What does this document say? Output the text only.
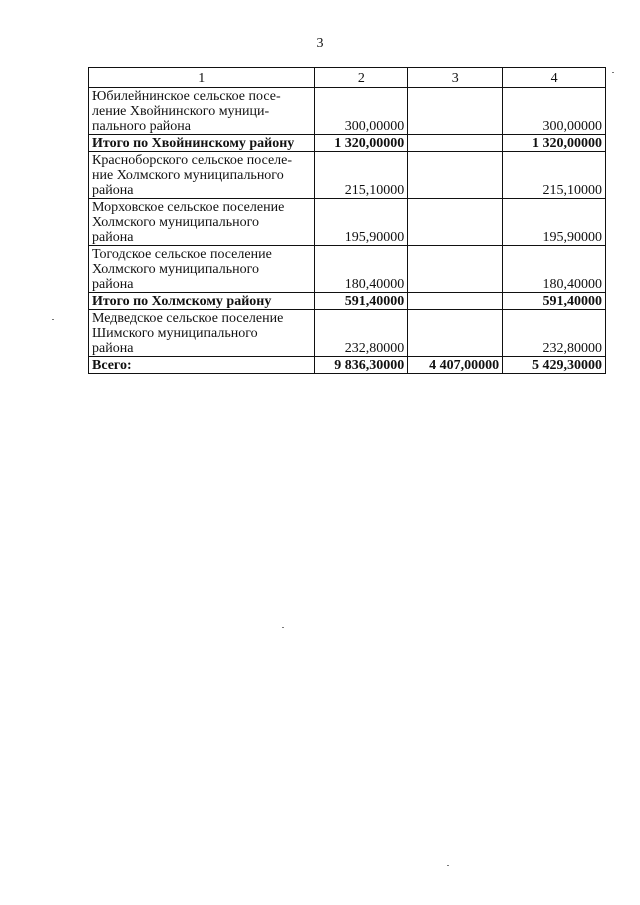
3
1	2	3	4
Юбилейнинское сельское посе-
ление Хвойнинского муници-
пального района	300,00000		300,00000
Итого по Хвойнинскому району	1 320,00000		1 320,00000
Красноборского сельское поселе-
ние Холмского муниципального
района	215,10000		215,10000
Морховское сельское поселение
Холмского муниципального
района	195,90000		195,90000
Тогодское сельское поселение
Холмского муниципального
района	180,40000		180,40000
Итого по Холмскому району	591,40000		591,40000
Медведское сельское поселение
Шимского муниципального
района	232,80000		232,80000
Всего:	9 836,30000	4 407,00000	5 429,30000
